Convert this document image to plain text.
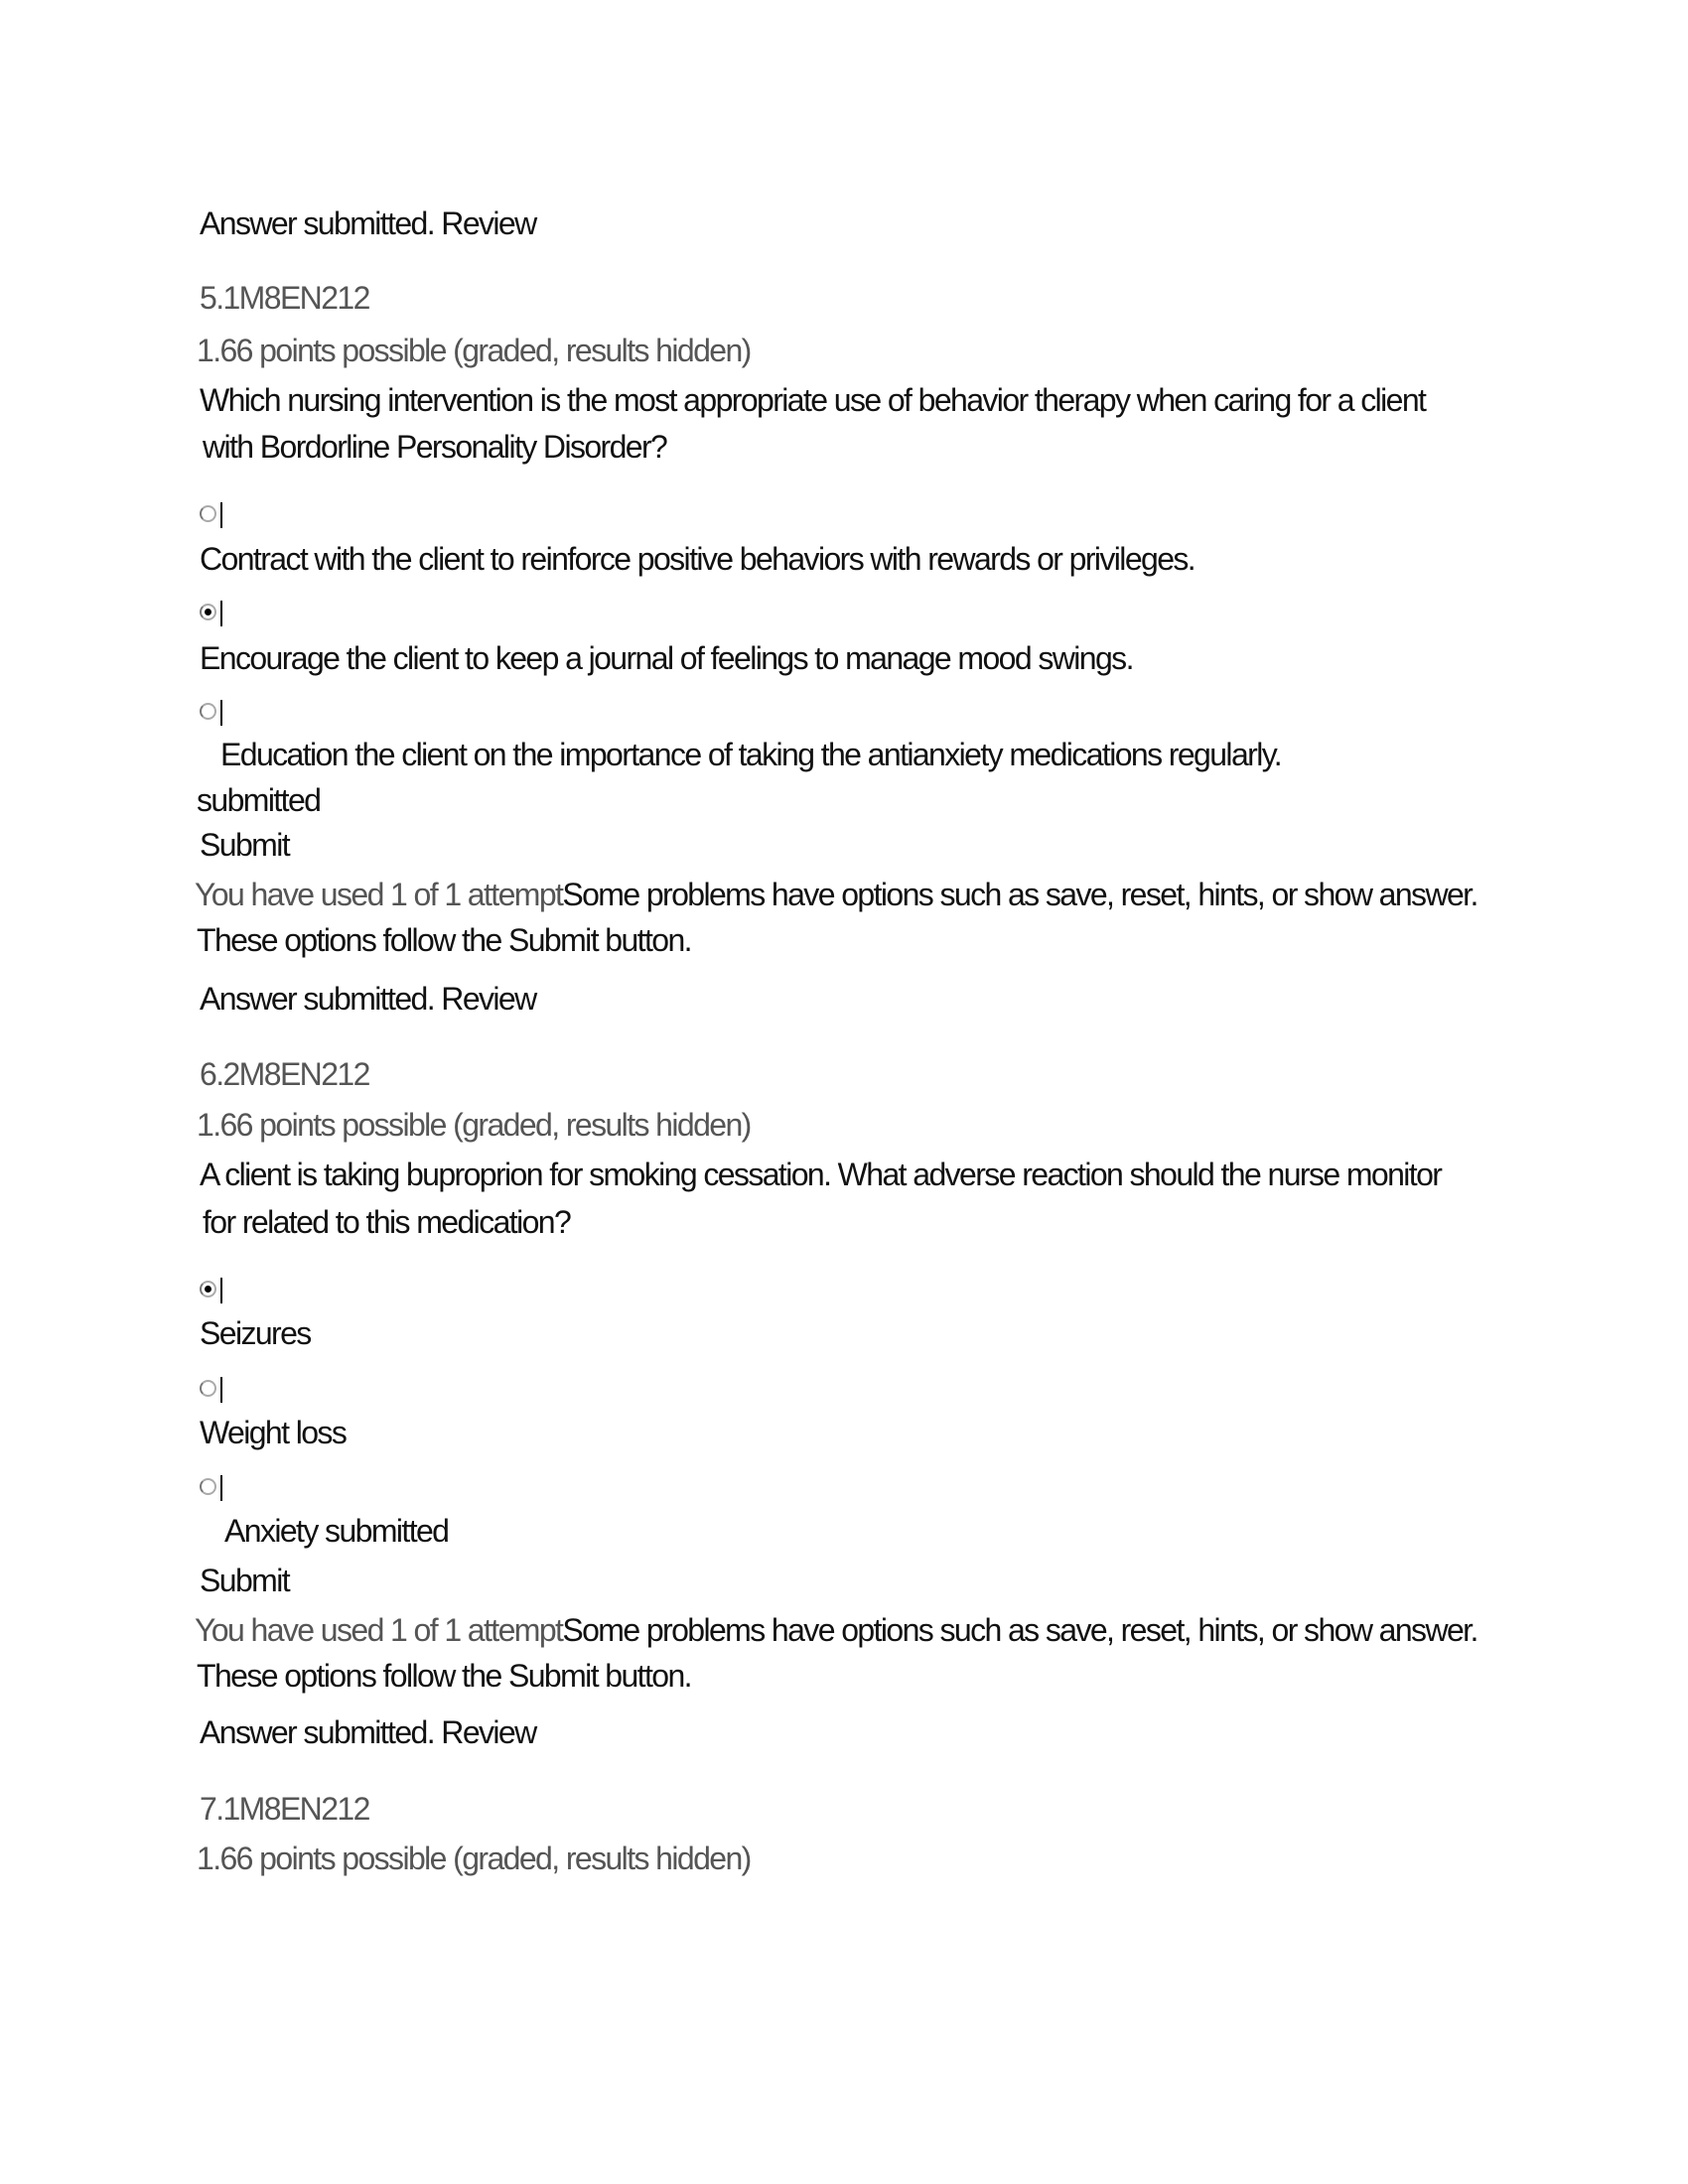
Answer submitted. Review
5.1M8EN212
1.66 points possible (graded, results hidden)
Which nursing intervention is the most appropriate use of behavior therapy when caring for a client
with Bordorline Personality Disorder?
Contract with the client to reinforce positive behaviors with rewards or privileges.
Encourage the client to keep a journal of feelings to manage mood swings.
Education the client on the importance of taking the antianxiety medications regularly.
submitted
Submit
You have used 1 of 1 attemptSome problems have options such as save, reset, hints, or show answer.
These options follow the Submit button.
Answer submitted. Review
6.2M8EN212
1.66 points possible (graded, results hidden)
A client is taking buproprion for smoking cessation. What adverse reaction should the nurse monitor
for related to this medication?
Seizures
Weight loss
Anxiety submitted
Submit
You have used 1 of 1 attemptSome problems have options such as save, reset, hints, or show answer.
These options follow the Submit button.
Answer submitted. Review
7.1M8EN212
1.66 points possible (graded, results hidden)
